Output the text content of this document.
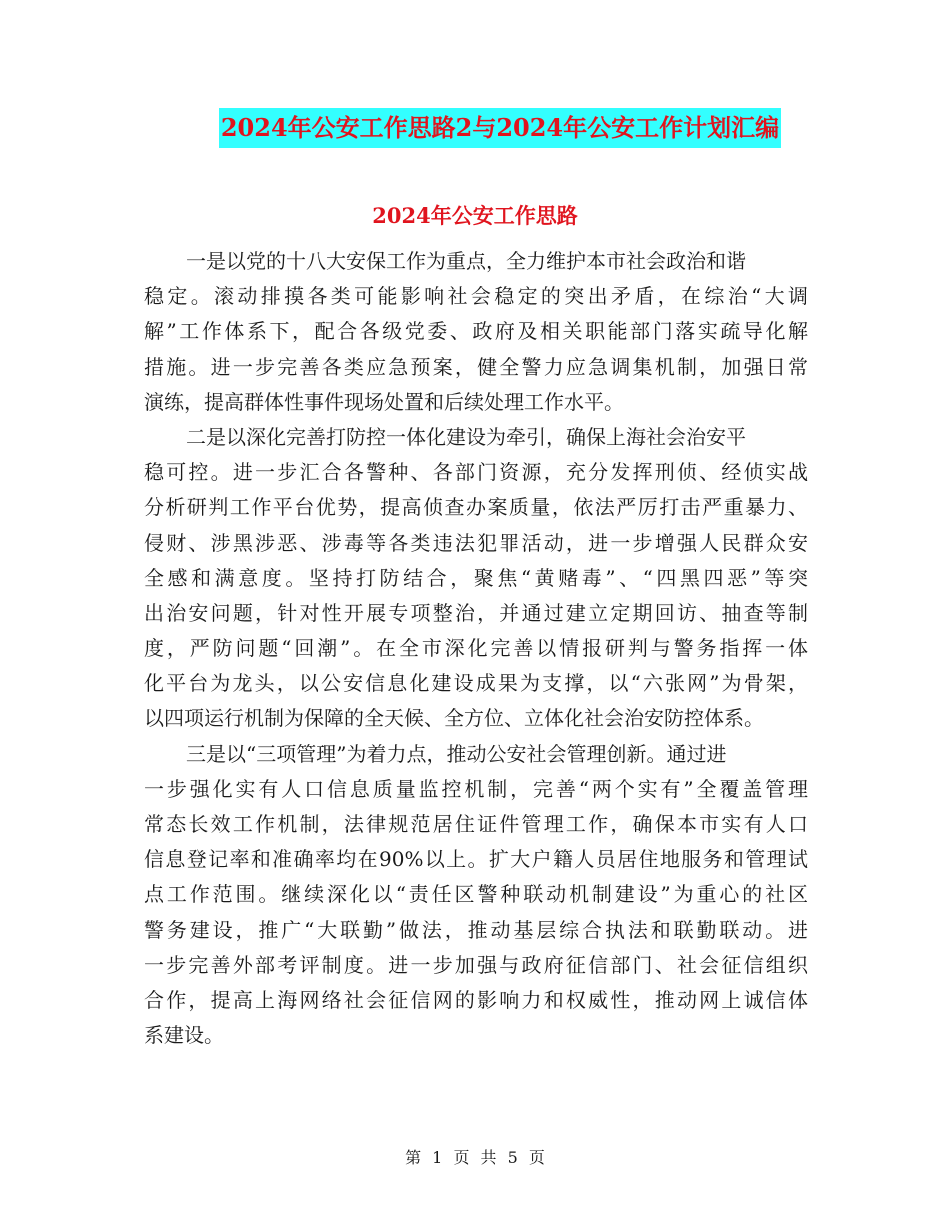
2024年公安工作思路2与2024年公安工作计划汇编
2024年公安工作思路
一是以党的十八大安保工作为重点，全力维护本市社会政治和谐
稳定。滚动排摸各类可能影响社会稳定的突出矛盾，在综治“大调
解”工作体系下，配合各级党委、政府及相关职能部门落实疏导化解
措施。进一步完善各类应急预案，健全警力应急调集机制，加强日常
演练，提高群体性事件现场处置和后续处理工作水平。
二是以深化完善打防控一体化建设为牵引，确保上海社会治安平
稳可控。进一步汇合各警种、各部门资源，充分发挥刑侦、经侦实战
分析研判工作平台优势，提高侦查办案质量，依法严厉打击严重暴力、
侵财、涉黑涉恶、涉毒等各类违法犯罪活动，进一步增强人民群众安
全感和满意度。坚持打防结合，聚焦“黄赌毒”、“四黑四恶”等突
出治安问题，针对性开展专项整治，并通过建立定期回访、抽查等制
度，严防问题“回潮”。在全市深化完善以情报研判与警务指挥一体
化平台为龙头，以公安信息化建设成果为支撑，以“六张网”为骨架，
以四项运行机制为保障的全天候、全方位、立体化社会治安防控体系。
三是以“三项管理”为着力点，推动公安社会管理创新。通过进
一步强化实有人口信息质量监控机制，完善“两个实有”全覆盖管理
常态长效工作机制，法律规范居住证件管理工作，确保本市实有人口
信息登记率和准确率均在90%以上。扩大户籍人员居住地服务和管理试
点工作范围。继续深化以“责任区警种联动机制建设”为重心的社区
警务建设，推广“大联勤”做法，推动基层综合执法和联勤联动。进
一步完善外部考评制度。进一步加强与政府征信部门、社会征信组织
合作，提高上海网络社会征信网的影响力和权威性，推动网上诚信体
系建设。
第 1 页 共 5 页
